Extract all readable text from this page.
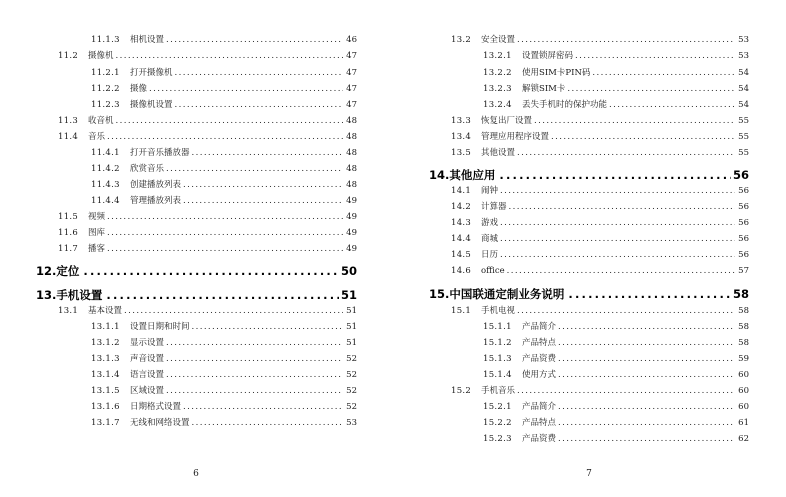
11.1.3	相机设置 .....	46
11.2	摄像机 .....	47
11.2.1	打开摄像机 .....	47
11.2.2	摄像 .....	47
11.2.3	摄像机设置 .....	47
11.3	收音机 .....	48
11.4	音乐 .....	48
11.4.1	打开音乐播放器 .....	48
11.4.2	欣赏音乐 .....	48
11.4.3	创建播放列表 .....	48
11.4.4	管理播放列表 .....	49
11.5	视频 .....	49
11.6	图库 .....	49
11.7	播客 .....	49
12.定位 .....	50
13.手机设置 .....	51
13.1	基本设置 .....	51
13.1.1	设置日期和时间 .....	51
13.1.2	显示设置 .....	51
13.1.3	声音设置 .....	52
13.1.4	语言设置 .....	52
13.1.5	区域设置 .....	52
13.1.6	日期格式设置 .....	52
13.1.7	无线和网络设置 .....	53
6
13.2	安全设置 .....	53
13.2.1	设置锁屏密码 .....	53
13.2.2	使用SIM卡PIN码 .....	54
13.2.3	解锁SIM卡 .....	54
13.2.4	丢失手机时的保护功能 .....	54
13.3	恢复出厂设置 .....	55
13.4	管理应用程序设置 .....	55
13.5	其他设置 .....	55
14.其他应用 .....	56
14.1	闹钟 .....	56
14.2	计算器 .....	56
14.3	游戏 .....	56
14.4	商城 .....	56
14.5	日历 .....	56
14.6	office .....	57
15.中国联通定制业务说明 .....	58
15.1	手机电视 .....	58
15.1.1	产品简介 .....	58
15.1.2	产品特点 .....	58
15.1.3	产品资费 .....	59
15.1.4	使用方式 .....	60
15.2	手机音乐 .....	60
15.2.1	产品简介 .....	60
15.2.2	产品特点 .....	61
15.2.3	产品资费 .....	62
7
